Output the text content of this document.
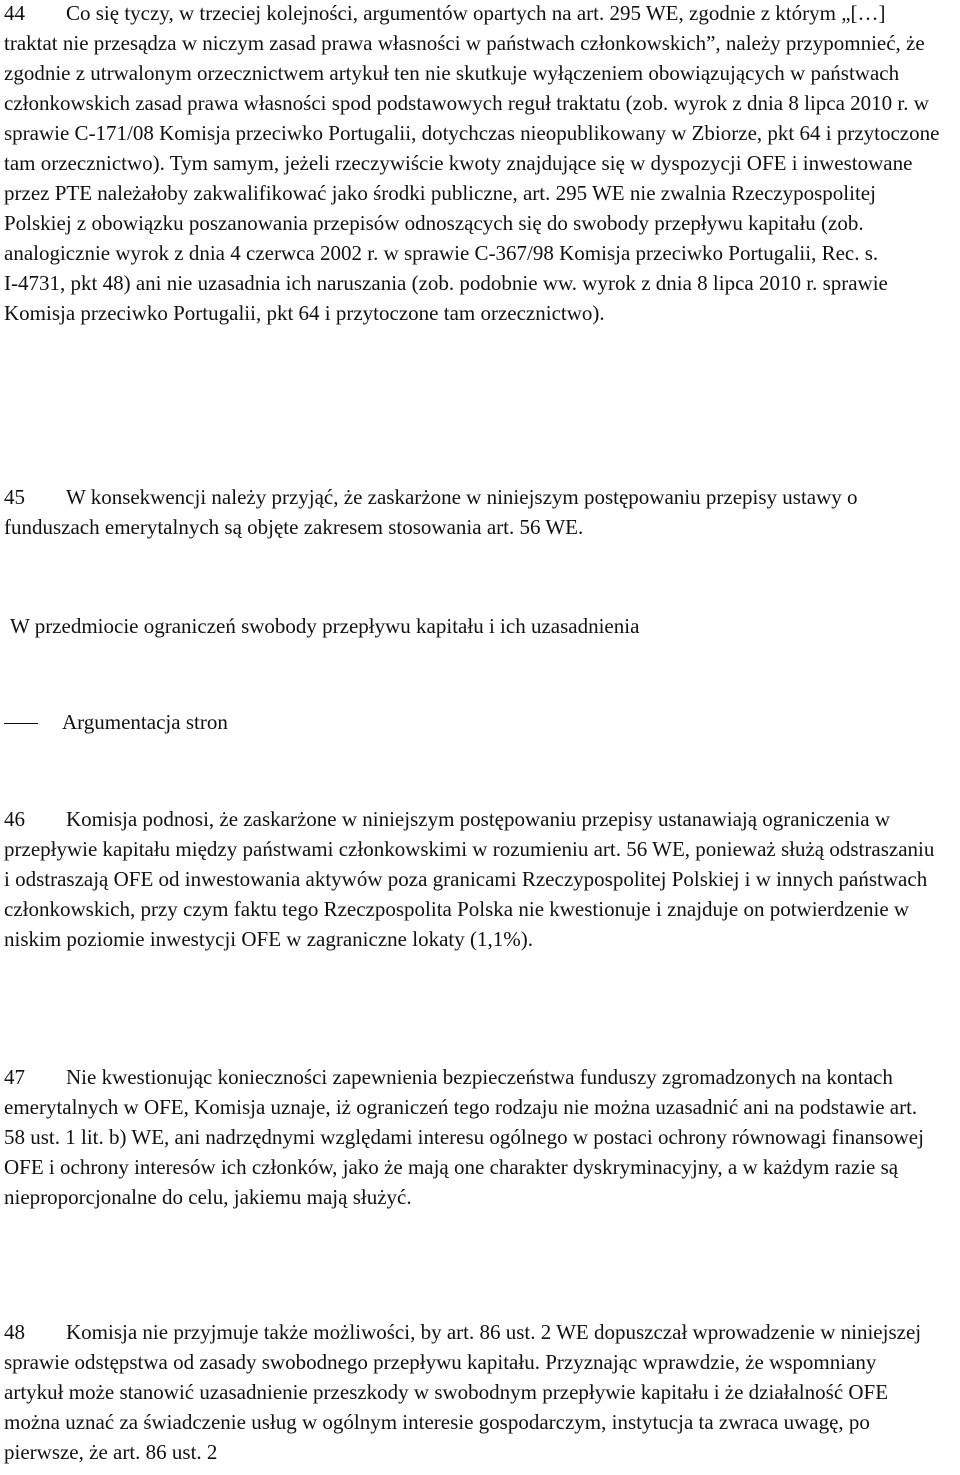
44 Co się tyczy, w trzeciej kolejności, argumentów opartych na art. 295 WE, zgodnie z którym „[…] traktat nie przesądza w niczym zasad prawa własności w państwach członkowskich”, należy przypomnieć, że zgodnie z utrwalonym orzecznictwem artykuł ten nie skutkuje wyłączeniem obowiązujących w państwach członkowskich zasad prawa własności spod podstawowych reguł traktatu (zob. wyrok z dnia 8 lipca 2010 r. w sprawie C‑171/08 Komisja przeciwko Portugalii, dotychczas nieopublikowany w Zbiorze, pkt 64 i przytoczone tam orzecznictwo). Tym samym, jeżeli rzeczywiście kwoty znajdujące się w dyspozycji OFE i inwestowane przez PTE należałoby zakwalifikować jako środki publiczne, art. 295 WE nie zwalnia Rzeczypospolitej Polskiej z obowiązku poszanowania przepisów odnoszących się do swobody przepływu kapitału (zob. analogicznie wyrok z dnia 4 czerwca 2002 r. w sprawie C‑367/98 Komisja przeciwko Portugalii, Rec. s. I‑4731, pkt 48) ani nie uzasadnia ich naruszania (zob. podobnie ww. wyrok z dnia 8 lipca 2010 r. sprawie Komisja przeciwko Portugalii, pkt 64 i przytoczone tam orzecznictwo).

45 W konsekwencji należy przyjąć, że zaskarżone w niniejszym postępowaniu przepisy ustawy o funduszach emerytalnych są objęte zakresem stosowania art. 56 WE.

W przedmiocie ograniczeń swobody przepływu kapitału i ich uzasadnienia

Argumentacja stron

46 Komisja podnosi, że zaskarżone w niniejszym postępowaniu przepisy ustanawiają ograniczenia w przepływie kapitału między państwami członkowskimi w rozumieniu art. 56 WE, ponieważ służą odstraszaniu i odstraszają OFE od inwestowania aktywów poza granicami Rzeczypospolitej Polskiej i w innych państwach członkowskich, przy czym faktu tego Rzeczpospolita Polska nie kwestionuje i znajduje on potwierdzenie w niskim poziomie inwestycji OFE w zagraniczne lokaty (1,1%).

47 Nie kwestionując konieczności zapewnienia bezpieczeństwa funduszy zgromadzonych na kontach emerytalnych w OFE, Komisja uznaje, iż ograniczeń tego rodzaju nie można uzasadnić ani na podstawie art. 58 ust. 1 lit. b) WE, ani nadrzędnymi względami interesu ogólnego w postaci ochrony równowagi finansowej OFE i ochrony interesów ich członków, jako że mają one charakter dyskryminacyjny, a w każdym razie są nieproporcjonalne do celu, jakiemu mają służyć.

48 Komisja nie przyjmuje także możliwości, by art. 86 ust. 2 WE dopuszczał wprowadzenie w niniejszej sprawie odstępstwa od zasady swobodnego przepływu kapitału. Przyznając wprawdzie, że wspomniany artykuł może stanowić uzasadnienie przeszkody w swobodnym przepływie kapitału i że działalność OFE można uznać za świadczenie usług w ogólnym interesie gospodarczym, instytucja ta zwraca uwagę, po pierwsze, że art. 86 ust. 2
